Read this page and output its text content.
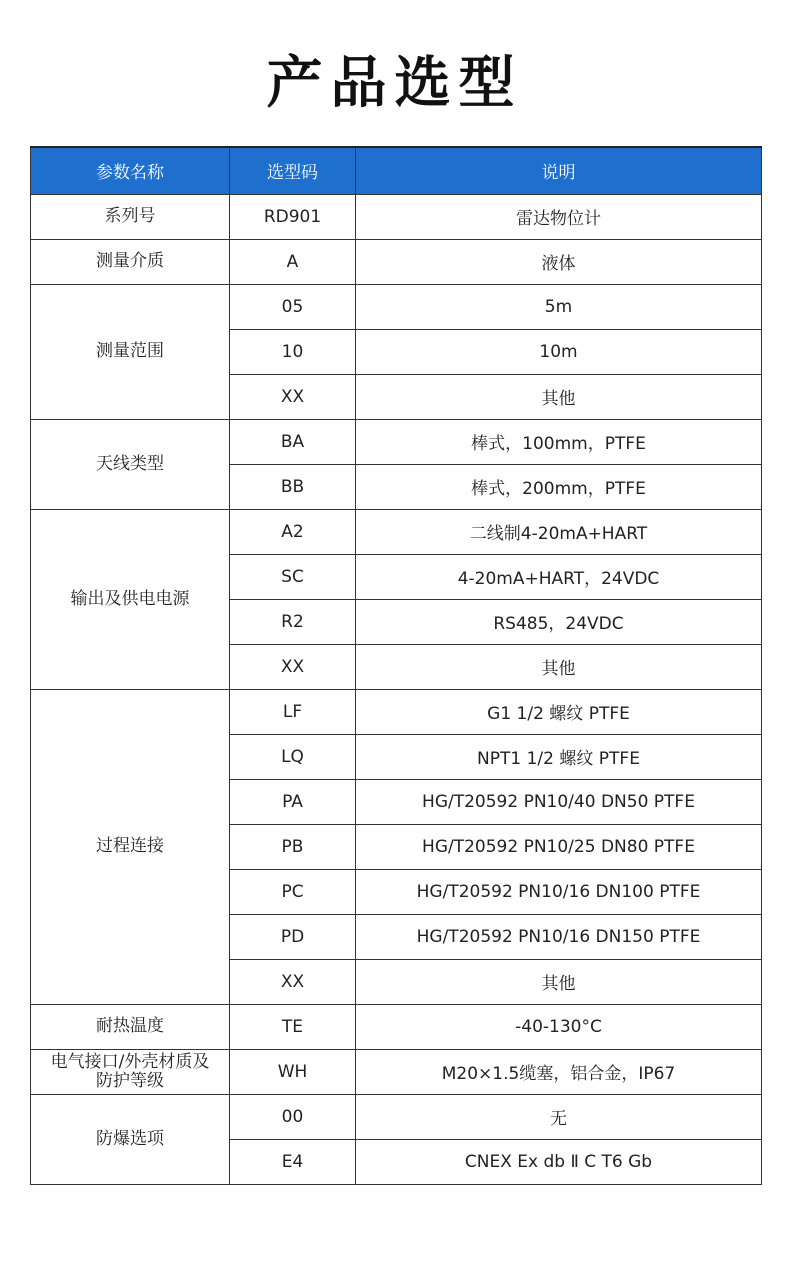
产品选型
参数名称	选型码	说明
系列号	RD901	雷达物位计
测量介质	A	液体
测量范围	05	5m
	10	10m
	XX	其他
天线类型	BA	棒式，100mm，PTFE
	BB	棒式，200mm，PTFE
输出及供电电源	A2	二线制4-20mA+HART
	SC	4-20mA+HART，24VDC
	R2	RS485，24VDC
	XX	其他
过程连接	LF	G1 1/2 螺纹 PTFE
	LQ	NPT1 1/2 螺纹 PTFE
	PA	HG/T20592 PN10/40 DN50 PTFE
	PB	HG/T20592 PN10/25 DN80 PTFE
	PC	HG/T20592 PN10/16 DN100 PTFE
	PD	HG/T20592 PN10/16 DN150 PTFE
	XX	其他
耐热温度	TE	-40-130°C
电气接口/外壳材质及
防护等级	WH	M20×1.5缆塞，铝合金，IP67
防爆选项	00	无
	E4	CNEX Ex db Ⅱ C T6 Gb
